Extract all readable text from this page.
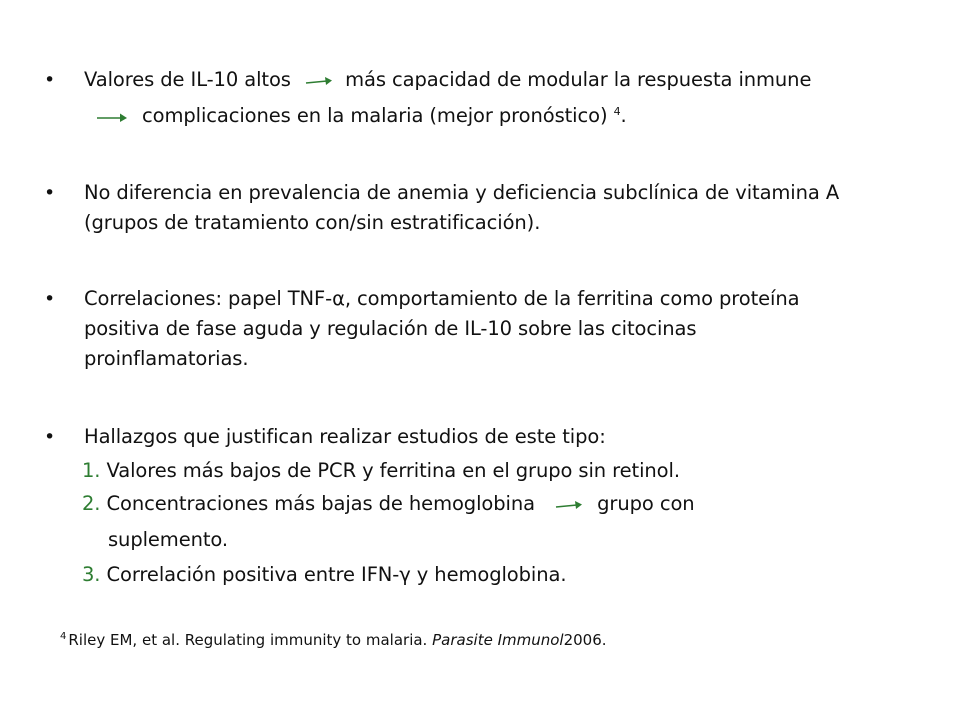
• Valores de IL-10 altos	más capacidad de modular la respuesta inmune
complicaciones en la malaria (mejor pronóstico) $^4$.
• No diferencia en prevalencia de anemia y deficiencia subclínica de vitamina A
(grupos de tratamiento con/sin estratificación).
• Correlaciones: papel TNF-α, comportamiento de la ferritina como proteína
positiva de fase aguda y regulación de IL-10 sobre las citocinas
proinflamatorias.
• Hallazgos que justifican realizar estudios de este tipo:
1. Valores más bajos de PCR y ferritina en el grupo sin retinol.
2. Concentraciones más bajas de hemoglobina	grupo con
suplemento.
3. Correlación positiva entre IFN-γ y hemoglobina.
$^4$ Riley EM, et al. Regulating immunity to malaria. Parasite Immunol2006.
